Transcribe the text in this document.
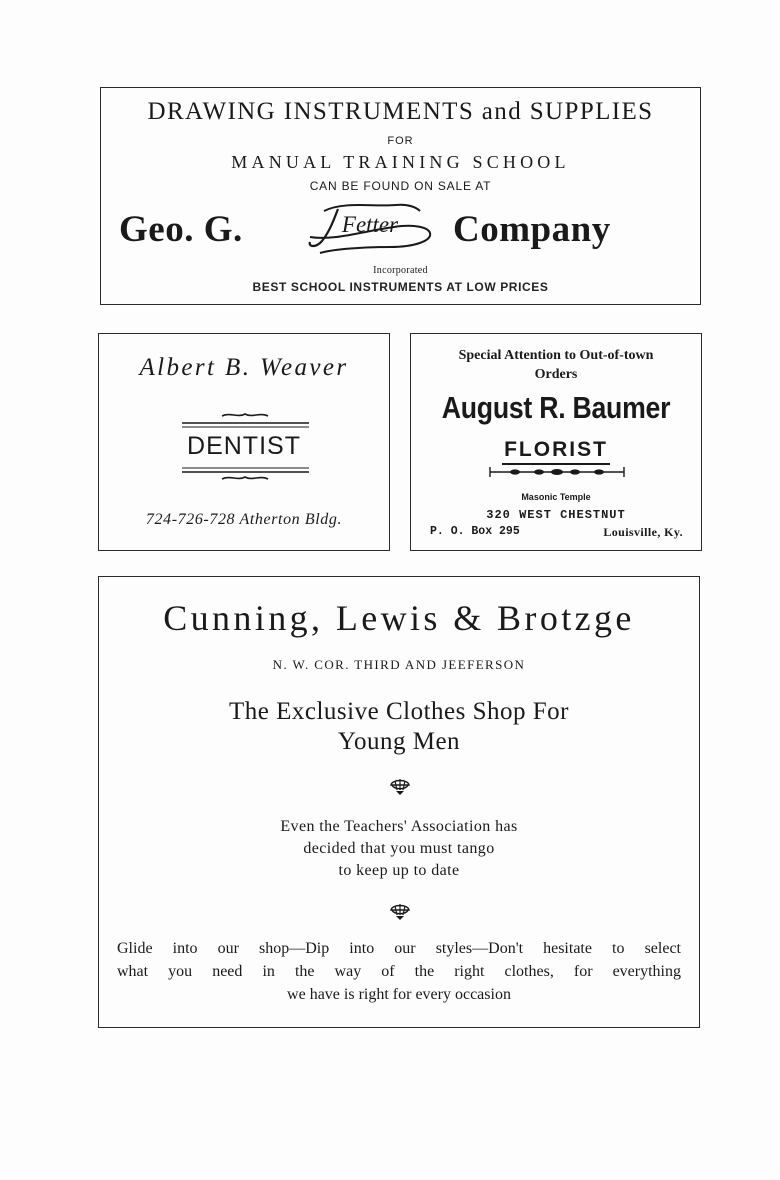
DRAWING INSTRUMENTS and SUPPLIES
FOR
MANUAL TRAINING SCHOOL
CAN BE FOUND ON SALE AT
Geo. G.	Fetter Company
Incorporated
BEST SCHOOL INSTRUMENTS AT LOW PRICES
Albert B. Weaver
DENTIST
724-726-728 Atherton Bldg.
Special Attention to Out-of-town
Orders
August R. Baumer
FLORIST
Masonic Temple
320 WEST CHESTNUT
P. O. Box 295	Louisville, Ky.
Cunning, Lewis & Brotzge
N. W. COR. THIRD AND JEEFERSON
The Exclusive Clothes Shop For
Young Men
Even the Teachers' Association has
decided that you must tango
to keep up to date
Glide into our shop—Dip into our styles—Don't hesitate to select
what you need in the way of the right clothes, for everything
we have is right for every occasion
